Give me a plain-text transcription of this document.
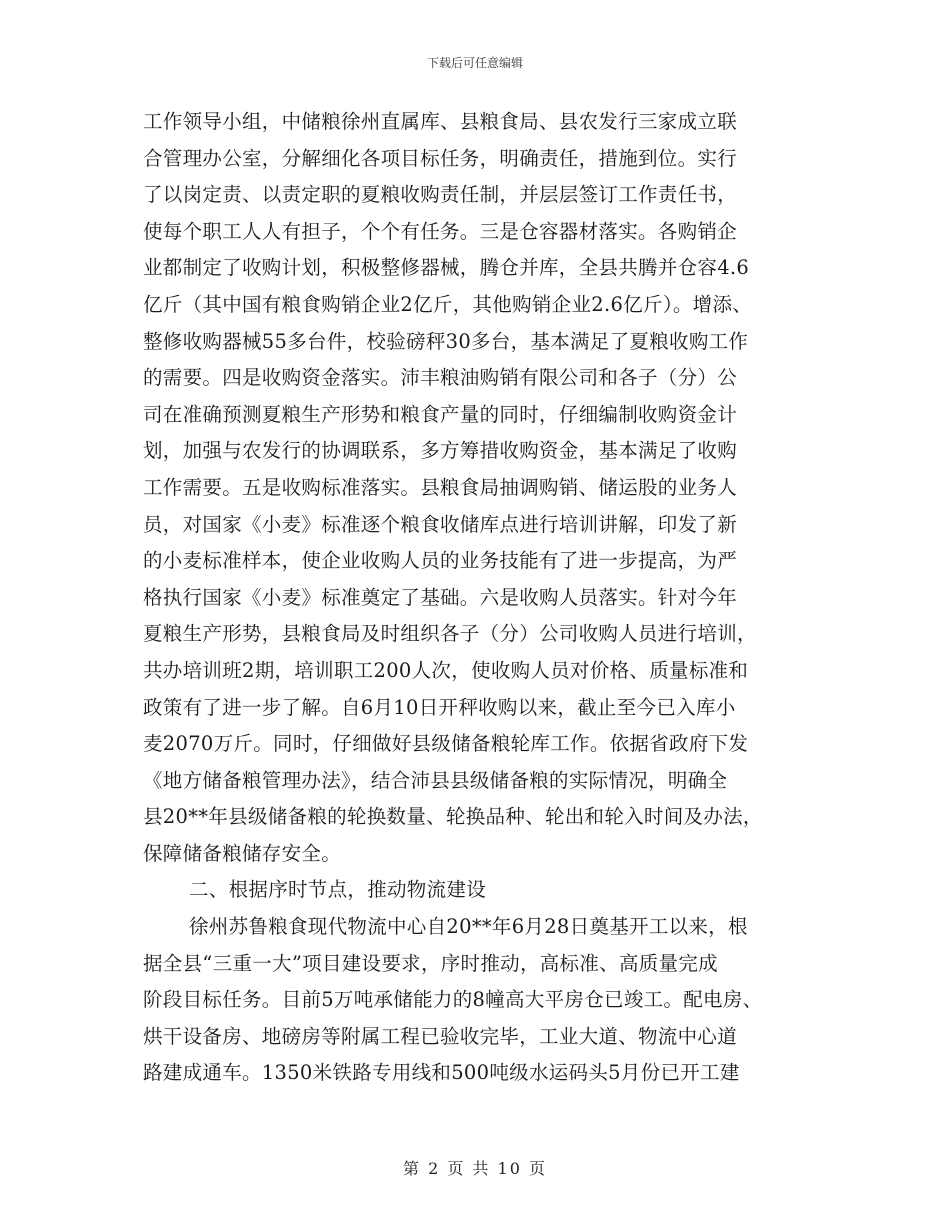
下载后可任意编辑
工作领导小组，中储粮徐州直属库、县粮食局、县农发行三家成立联
合管理办公室，分解细化各项目标任务，明确责任，措施到位。实行
了以岗定责、以责定职的夏粮收购责任制，并层层签订工作责任书，
使每个职工人人有担子，个个有任务。三是仓容器材落实。各购销企
业都制定了收购计划，积极整修器械，腾仓并库，全县共腾并仓容4.6
亿斤（其中国有粮食购销企业2亿斤，其他购销企业2.6亿斤）。增添、
整修收购器械55多台件，校验磅秤30多台，基本满足了夏粮收购工作
的需要。四是收购资金落实。沛丰粮油购销有限公司和各子（分）公
司在准确预测夏粮生产形势和粮食产量的同时，仔细编制收购资金计
划，加强与农发行的协调联系，多方筹措收购资金，基本满足了收购
工作需要。五是收购标准落实。县粮食局抽调购销、储运股的业务人
员，对国家《小麦》标准逐个粮食收储库点进行培训讲解，印发了新
的小麦标准样本，使企业收购人员的业务技能有了进一步提高，为严
格执行国家《小麦》标准奠定了基础。六是收购人员落实。针对今年
夏粮生产形势，县粮食局及时组织各子（分）公司收购人员进行培训，
共办培训班2期，培训职工200人次，使收购人员对价格、质量标准和
政策有了进一步了解。自6月10日开秤收购以来，截止至今已入库小
麦2070万斤。同时，仔细做好县级储备粮轮库工作。依据省政府下发
《地方储备粮管理办法》，结合沛县县级储备粮的实际情况，明确全
县20**年县级储备粮的轮换数量、轮换品种、轮出和轮入时间及办法，
保障储备粮储存安全。
二、根据序时节点，推动物流建设
徐州苏鲁粮食现代物流中心自20**年6月28日奠基开工以来，根
据全县“三重一大”项目建设要求，序时推动，高标准、高质量完成
阶段目标任务。目前5万吨承储能力的8幢高大平房仓已竣工。配电房、
烘干设备房、地磅房等附属工程已验收完毕，工业大道、物流中心道
路建成通车。1350米铁路专用线和500吨级水运码头5月份已开工建
第 2 页 共 10 页
